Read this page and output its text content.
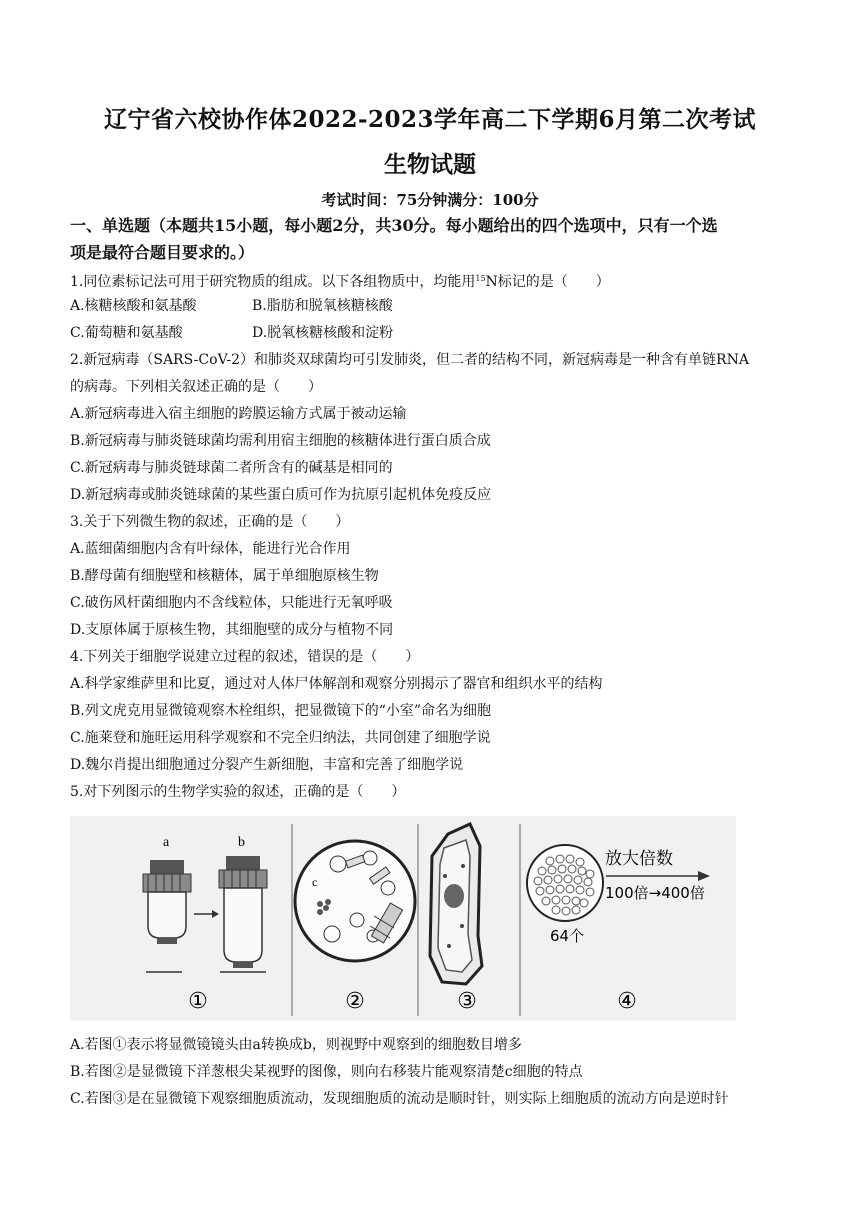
辽宁省六校协作体2022-2023学年高二下学期6月第二次考试
生物试题
考试时间：75分钟满分：100分
一、单选题（本题共15小题，每小题2分，共30分。每小题给出的四个选项中，只有一个选
项是最符合题目要求的。）
1.同位素标记法可用于研究物质的组成。以下各组物质中，均能用$^{15}$N标记的是（　　）
A.核糖核酸和氨基酸	B.脂肪和脱氧核糖核酸
C.葡萄糖和氨基酸	D.脱氧核糖核酸和淀粉
2.新冠病毒（SARS-CoV-2）和肺炎双球菌均可引发肺炎，但二者的结构不同，新冠病毒是一种含有单链RNA
的病毒。下列相关叙述正确的是（　　）
A.新冠病毒进入宿主细胞的跨膜运输方式属于被动运输
B.新冠病毒与肺炎链球菌均需利用宿主细胞的核糖体进行蛋白质合成
C.新冠病毒与肺炎链球菌二者所含有的碱基是相同的
D.新冠病毒或肺炎链球菌的某些蛋白质可作为抗原引起机体免疫反应
3.关于下列微生物的叙述，正确的是（　　）
A.蓝细菌细胞内含有叶绿体，能进行光合作用
B.酵母菌有细胞壁和核糖体，属于单细胞原核生物
C.破伤风杆菌细胞内不含线粒体，只能进行无氧呼吸
D.支原体属于原核生物，其细胞壁的成分与植物不同
4.下列关于细胞学说建立过程的叙述，错误的是（　　）
A.科学家维萨里和比夏，通过对人体尸体解剖和观察分别揭示了器官和组织水平的结构
B.列文虎克用显微镜观察木栓组织，把显微镜下的“小室”命名为细胞
C.施莱登和施旺运用科学观察和不完全归纳法，共同创建了细胞学说
D.魏尔肖提出细胞通过分裂产生新细胞，丰富和完善了细胞学说
5.对下列图示的生物学实验的叙述，正确的是（　　）
a	b
①
c
②	③
64个
放大倍数
100倍→400倍
④
A.若图①表示将显微镜镜头由a转换成b，则视野中观察到的细胞数目增多
B.若图②是显微镜下洋葱根尖某视野的图像，则向右移装片能观察清楚c细胞的特点
C.若图③是在显微镜下观察细胞质流动，发现细胞质的流动是顺时针，则实际上细胞质的流动方向是逆时针
